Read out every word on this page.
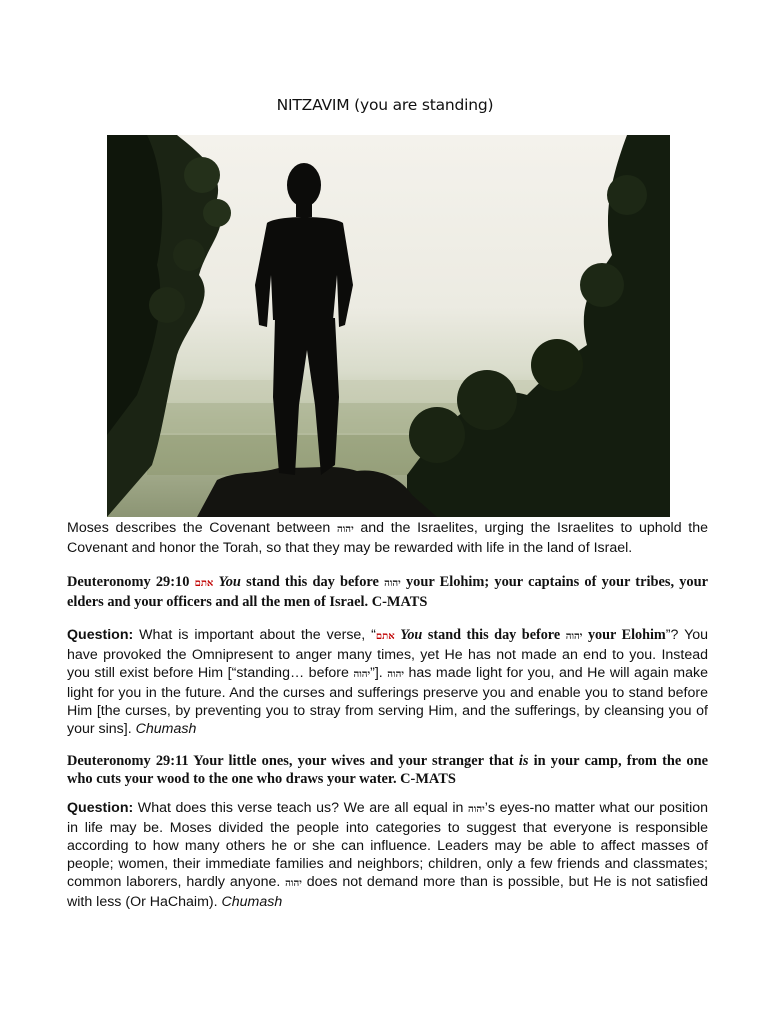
NITZAVIM (you are standing)
Moses describes the Covenant between יהוה and the Israelites, urging the Israelites to uphold the Covenant and honor the Torah, so that they may be rewarded with life in the land of Israel.
Deuteronomy 29:10 אתם You stand this day before יהוה your Elohim; your captains of your tribes, your elders and your officers and all the men of Israel. C-MATS
Question: What is important about the verse, “אתם You stand this day before יהוה your Elohim”? You have provoked the Omnipresent to anger many times, yet He has not made an end to you. Instead you still exist before Him [“standing… before יהוה”]. יהוה has made light for you, and He will again make light for you in the future. And the curses and sufferings preserve you and enable you to stand before Him [the curses, by preventing you to stray from serving Him, and the sufferings, by cleansing you of your sins]. Chumash
Deuteronomy 29:11 Your little ones, your wives and your stranger that is in your camp, from the one who cuts your wood to the one who draws your water. C-MATS
Question: What does this verse teach us? We are all equal in יהוה’s eyes-no matter what our position in life may be. Moses divided the people into categories to suggest that everyone is responsible according to how many others he or she can influence. Leaders may be able to affect masses of people; women, their immediate families and neighbors; children, only a few friends and classmates; common laborers, hardly anyone. יהוה does not demand more than is possible, but He is not satisfied with less (Or HaChaim). Chumash
